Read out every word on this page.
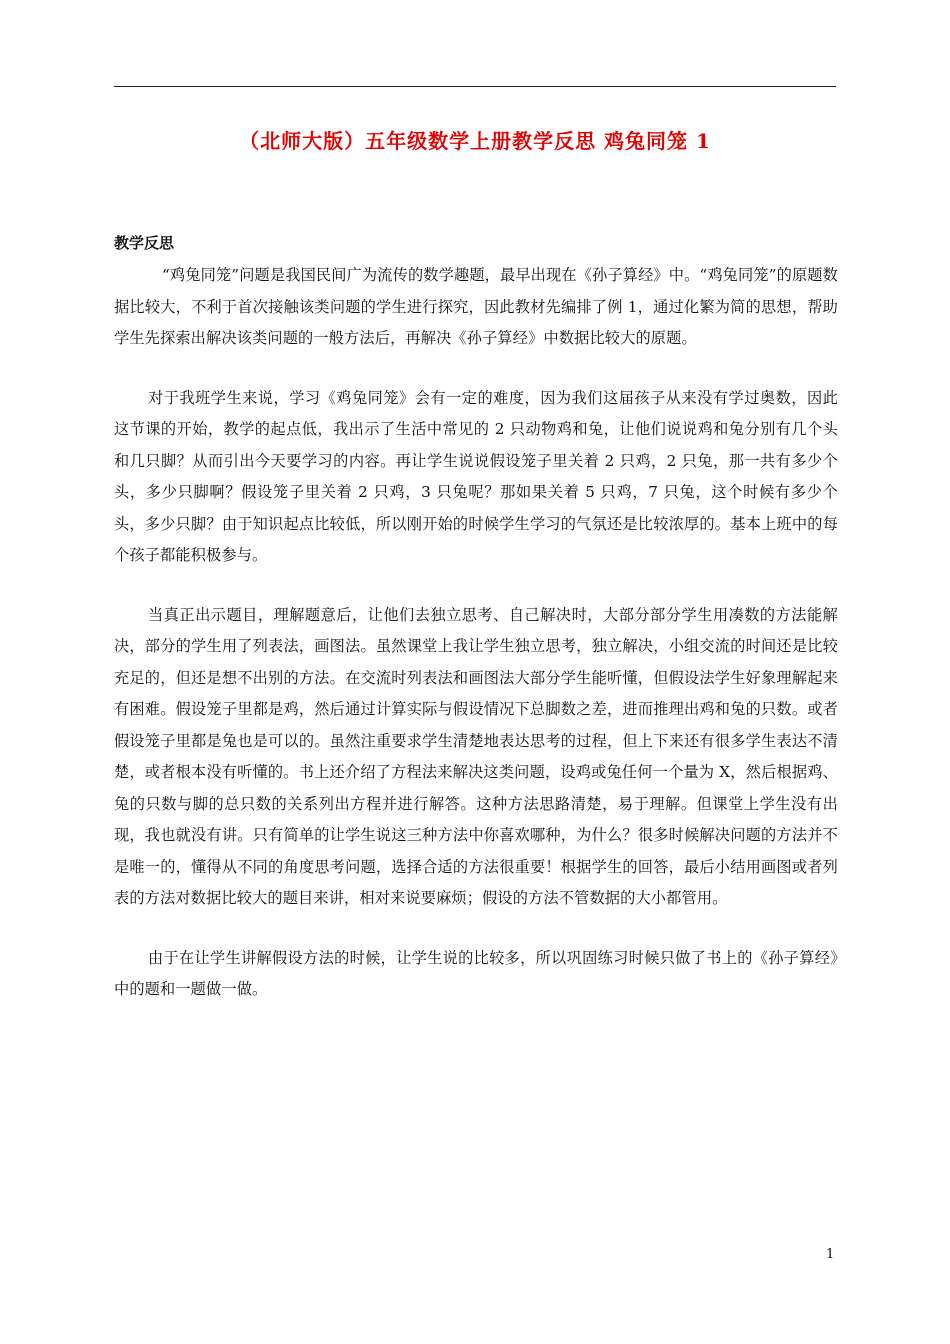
（北师大版）五年级数学上册教学反思 鸡兔同笼 1
教学反思

“鸡兔同笼”问题是我国民间广为流传的数学趣题，最早出现在《孙子算经》中。“鸡兔同笼”的原题数据比较大，不利于首次接触该类问题的学生进行探究，因此教材先编排了例 1，通过化繁为简的思想，帮助学生先探索出解决该类问题的一般方法后，再解决《孙子算经》中数据比较大的原题。

对于我班学生来说，学习《鸡兔同笼》会有一定的难度，因为我们这届孩子从来没有学过奥数，因此这节课的开始，教学的起点低，我出示了生活中常见的 2 只动物鸡和兔，让他们说说鸡和兔分别有几个头和几只脚？从而引出今天要学习的内容。再让学生说说假设笼子里关着 2 只鸡，2 只兔，那一共有多少个头，多少只脚啊？假设笼子里关着 2 只鸡，3 只兔呢？那如果关着 5 只鸡，7 只兔，这个时候有多少个头，多少只脚？由于知识起点比较低，所以刚开始的时候学生学习的气氛还是比较浓厚的。基本上班中的每个孩子都能积极参与。

当真正出示题目，理解题意后，让他们去独立思考、自己解决时，大部分部分学生用凑数的方法能解决，部分的学生用了列表法，画图法。虽然课堂上我让学生独立思考，独立解决，小组交流的时间还是比较充足的，但还是想不出别的方法。在交流时列表法和画图法大部分学生能听懂，但假设法学生好象理解起来有困难。假设笼子里都是鸡，然后通过计算实际与假设情况下总脚数之差，进而推理出鸡和兔的只数。或者假设笼子里都是兔也是可以的。虽然注重要求学生清楚地表达思考的过程，但上下来还有很多学生表达不清楚，或者根本没有听懂的。书上还介绍了方程法来解决这类问题，设鸡或兔任何一个量为 X，然后根据鸡、兔的只数与脚的总只数的关系列出方程并进行解答。这种方法思路清楚，易于理解。但课堂上学生没有出现，我也就没有讲。只有简单的让学生说这三种方法中你喜欢哪种，为什么？很多时候解决问题的方法并不是唯一的，懂得从不同的角度思考问题，选择合适的方法很重要！根据学生的回答，最后小结用画图或者列表的方法对数据比较大的题目来讲，相对来说要麻烦；假设的方法不管数据的大小都管用。

由于在让学生讲解假设方法的时候，让学生说的比较多，所以巩固练习时候只做了书上的《孙子算经》中的题和一题做一做。

1
